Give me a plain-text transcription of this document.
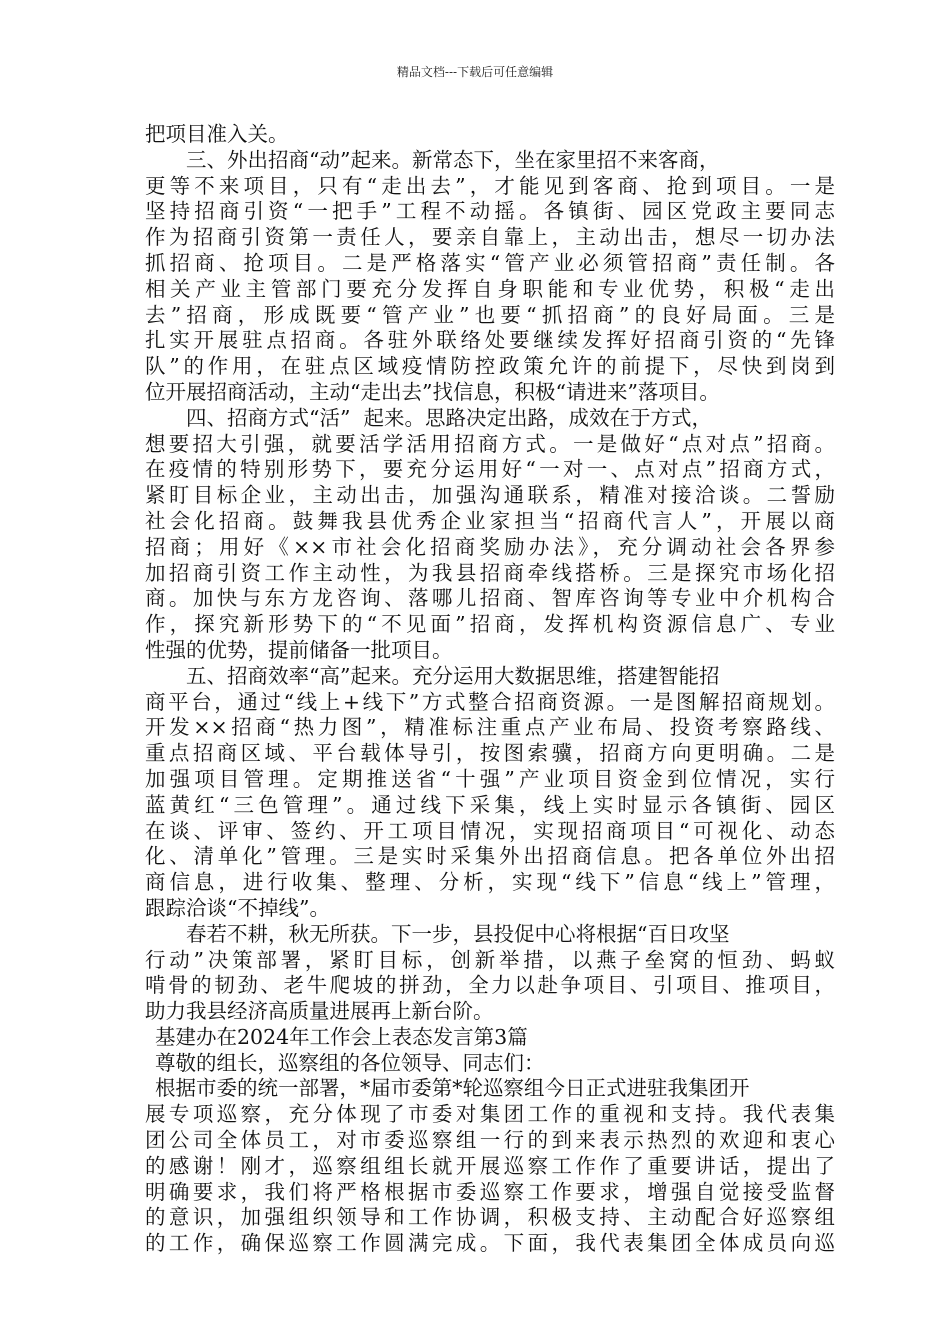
精品文档---下载后可任意编辑
把项目准入关。
三、外出招商“动”起来。新常态下，坐在家里招不来客商，
更等不来项目，只有“走出去”，才能见到客商、抢到项目。一是
坚持招商引资“一把手”工程不动摇。各镇街、园区党政主要同志
作为招商引资第一责任人，要亲自靠上，主动出击，想尽一切办法
抓招商、抢项目。二是严格落实“管产业必须管招商”责任制。各
相关产业主管部门要充分发挥自身职能和专业优势，积极“走出
去”招商，形成既要“管产业”也要“抓招商”的良好局面。三是
扎实开展驻点招商。各驻外联络处要继续发挥好招商引资的“先锋
队”的作用，在驻点区域疫情防控政策允许的前提下，尽快到岗到
位开展招商活动，主动“走出去”找信息，积极“请进来”落项目。
四、招商方式“活”  起来。思路决定出路，成效在于方式，
想要招大引强，就要活学活用招商方式。一是做好“点对点”招商。
在疫情的特别形势下，要充分运用好“一对一、点对点”招商方式，
紧盯目标企业，主动出击，加强沟通联系，精准对接洽谈。二誓励
社会化招商。鼓舞我县优秀企业家担当“招商代言人”，开展以商
招商；用好《××市社会化招商奖励办法》，充分调动社会各界参
加招商引资工作主动性，为我县招商牵线搭桥。三是探究市场化招
商。加快与东方龙咨询、落哪儿招商、智库咨询等专业中介机构合
作，探究新形势下的“不见面”招商，发挥机构资源信息广、专业
性强的优势，提前储备一批项目。
五、招商效率“高”起来。充分运用大数据思维，搭建智能招
商平台，通过“线上+线下”方式整合招商资源。一是图解招商规划。
开发××招商“热力图”，精准标注重点产业布局、投资考察路线、
重点招商区域、平台载体导引，按图索骥，招商方向更明确。二是
加强项目管理。定期推送省“十强”产业项目资金到位情况，实行
蓝黄红“三色管理”。通过线下采集，线上实时显示各镇街、园区
在谈、评审、签约、开工项目情况，实现招商项目“可视化、动态
化、清单化”管理。三是实时采集外出招商信息。把各单位外出招
商信息，进行收集、整理、分析，实现“线下”信息“线上”管理，
跟踪洽谈“不掉线”。
春若不耕，秋无所获。下一步，县投促中心将根据“百日攻坚
行动”决策部署，紧盯目标，创新举措，以燕子垒窝的恒劲、蚂蚁
啃骨的韧劲、老牛爬坡的拼劲，全力以赴争项目、引项目、推项目，
助力我县经济高质量进展再上新台阶。
基建办在2024年工作会上表态发言第3篇
尊敬的组长，巡察组的各位领导、同志们：
根据市委的统一部署，*届市委第*轮巡察组今日正式进驻我集团开
展专项巡察，充分体现了市委对集团工作的重视和支持。我代表集
团公司全体员工，对市委巡察组一行的到来表示热烈的欢迎和衷心
的感谢！刚才，巡察组组长就开展巡察工作作了重要讲话，提出了
明确要求，我们将严格根据市委巡察工作要求，增强自觉接受监督
的意识，加强组织领导和工作协调，积极支持、主动配合好巡察组
的工作，确保巡察工作圆满完成。下面，我代表集团全体成员向巡
